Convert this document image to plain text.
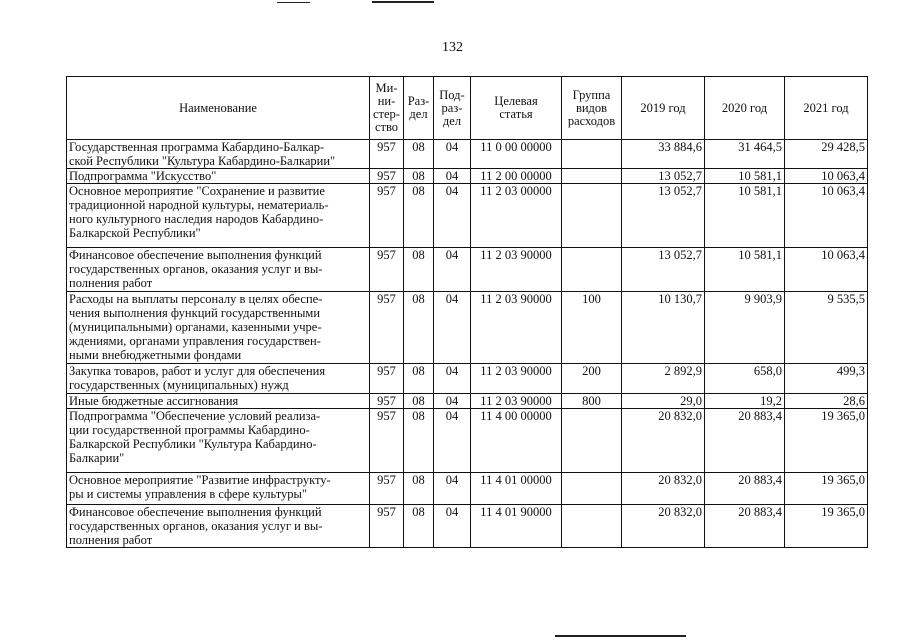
132
Наименование	Ми-
ни-
стер-
ство	Раз-
дел	Под-
раз-
дел	Целевая
статья	Группа
видов
расходов	2019 год	2020 год	2021 год
Государственная программа Кабардино-Балкар-
ской Республики "Культура Кабардино-Балкарии"	957	08	04	11 0 00 00000		33 884,6	31 464,5	29 428,5
Подпрограмма "Искусство"	957	08	04	11 2 00 00000		13 052,7	10 581,1	10 063,4
Основное мероприятие "Сохранение и развитие
традиционной народной культуры, нематериаль-
ного культурного наследия народов Кабардино-
Балкарской Республики"	957	08	04	11 2 03 00000		13 052,7	10 581,1	10 063,4
Финансовое обеспечение выполнения функций
государственных органов, оказания услуг и вы-
полнения работ	957	08	04	11 2 03 90000		13 052,7	10 581,1	10 063,4
Расходы на выплаты персоналу в целях обеспе-
чения выполнения функций государственными
(муниципальными) органами, казенными учре-
ждениями, органами управления государствен-
ными внебюджетными фондами	957	08	04	11 2 03 90000	100	10 130,7	9 903,9	9 535,5
Закупка товаров, работ и услуг для обеспечения
государственных (муниципальных) нужд	957	08	04	11 2 03 90000	200	2 892,9	658,0	499,3
Иные бюджетные ассигнования	957	08	04	11 2 03 90000	800	29,0	19,2	28,6
Подпрограмма "Обеспечение условий реализа-
ции государственной программы Кабардино-
Балкарской Республики "Культура Кабардино-
Балкарии"	957	08	04	11 4 00 00000		20 832,0	20 883,4	19 365,0
Основное мероприятие "Развитие инфраструкту-
ры и системы управления в сфере культуры"	957	08	04	11 4 01 00000		20 832,0	20 883,4	19 365,0
Финансовое обеспечение выполнения функций
государственных органов, оказания услуг и вы-
полнения работ	957	08	04	11 4 01 90000		20 832,0	20 883,4	19 365,0
